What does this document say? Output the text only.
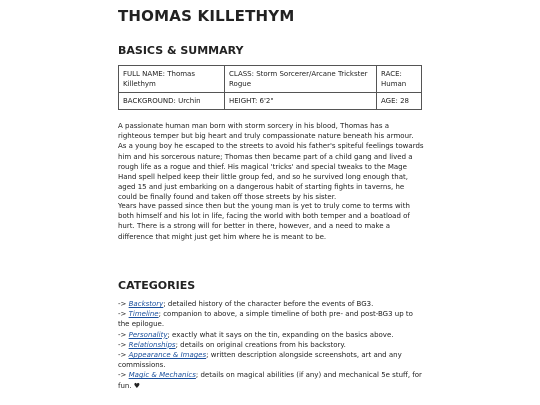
THOMAS KILLETHYM
BASICS & SUMMARY
FULL NAME: Thomas Killethym	CLASS: Storm Sorcerer/Arcane Trickster Rogue	RACE: Human
BACKGROUND: Urchin	HEIGHT: 6'2"	AGE: 28

A passionate human man born with storm sorcery in his blood, Thomas has a righteous temper but big heart and truly compassionate nature beneath his armour. As a young boy he escaped to the streets to avoid his father's spiteful feelings towards him and his sorcerous nature; Thomas then became part of a child gang and lived a rough life as a rogue and thief. His magical 'tricks' and special tweaks to the Mage Hand spell helped keep their little group fed, and so he survived long enough that, aged 15 and just embarking on a dangerous habit of starting fights in taverns, he could be finally found and taken off those streets by his sister.

Years have passed since then but the young man is yet to truly come to terms with both himself and his lot in life, facing the world with both temper and a boatload of hurt. There is a strong will for better in there, however, and a need to make a difference that might just get him where he is meant to be.

CATEGORIES
-> Backstory; detailed history of the character before the events of BG3.
-> Timeline; companion to above, a simple timeline of both pre- and post-BG3 up to the epilogue.
-> Personality; exactly what it says on the tin, expanding on the basics above.
-> Relationships; details on original creations from his backstory.
-> Appearance & Images; written description alongside screenshots, art and any commissions.
-> Magic & Mechanics; details on magical abilities (if any) and mechanical 5e stuff, for fun. ♥
